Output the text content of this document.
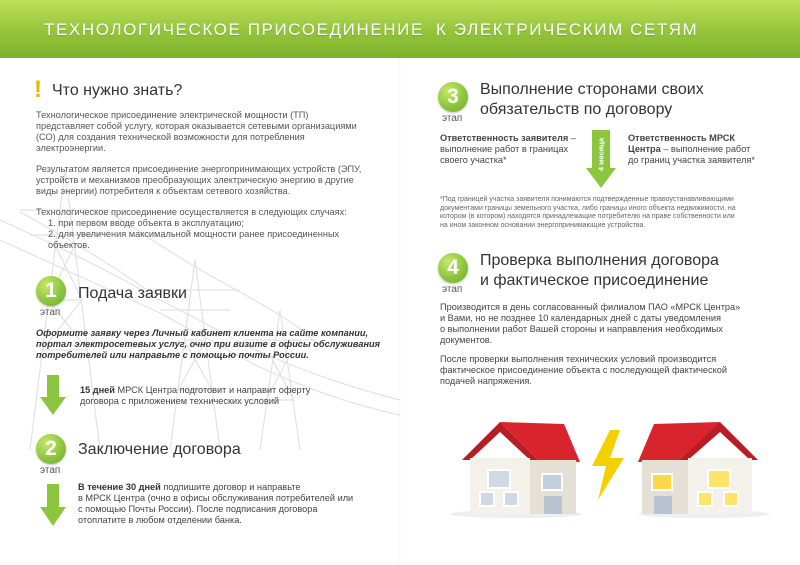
ТЕХНОЛОГИЧЕСКОЕ ПРИСОЕДИНЕНИЕ К ЭЛЕКТРИЧЕСКИМ СЕТЯМ
! Что нужно знать?
Технологическое присоединение электрической мощности (ТП)
представляет собой услугу, которая оказывается сетевыми организациями
(СО) для создания технической возможности для потребления
электроэнергии.
Результатом является присоединение энергопринимающих устройств (ЭПУ,
устройств и механизмов преобразующих электрическую энергию в другие
виды энергии) потребителя к объектам сетевого хозяйства.
Технологическое присоединение осуществляется в следующих случаях:
1. при первом вводе объекта в эксплуатацию;
2. для увеличения максимальной мощности ранее присоединенных объектов.
1
этап
Подача заявки
Оформите заявку через Личный кабинет клиента на сайте компании,
портал электросетевых услуг, очно при визите в офисы обслуживания
потребителей или направьте с помощью почты России.
15 дней МРСК Центра подготовит и направит оферту
договора с приложением технических условий
2
этап
Заключение договора
В течение 30 дней подпишите договор и направьте
в МРСК Центра (очно в офисы обслуживания потребителей или
с помощью Почты России). После подписания договора
отоплатите в любом отделении банка.
3
этап
Выполнение сторонами своих
обязательств по договору
Ответственность заявителя –
выполнение работ в границах
своего участка*	4 месяца Ответственность МРСК
Центра – выполнение работ
до границ участка заявителя*
*Под границей участка заявителя понимаются подтвержденные правоустанавливающими
документами границы земельного участка, либо границы иного объекта недвижимости, на
котором (в котором) находятся принадлежащие потребителю на праве собственности или
на ином законном основании энергопринимающие устройства.
4
этап
Проверка выполнения договора
и фактическое присоединение
Производится в день согласованный филиалом ПАО «МРСК Центра»
и Вами, но не позднее 10 календарных дней с даты уведомления
о выполнении работ Вашей стороны и направления необходимых
документов.
После проверки выполнения технических условий производится
фактическое присоединение объекта с последующей фактической
подачей напряжения.
